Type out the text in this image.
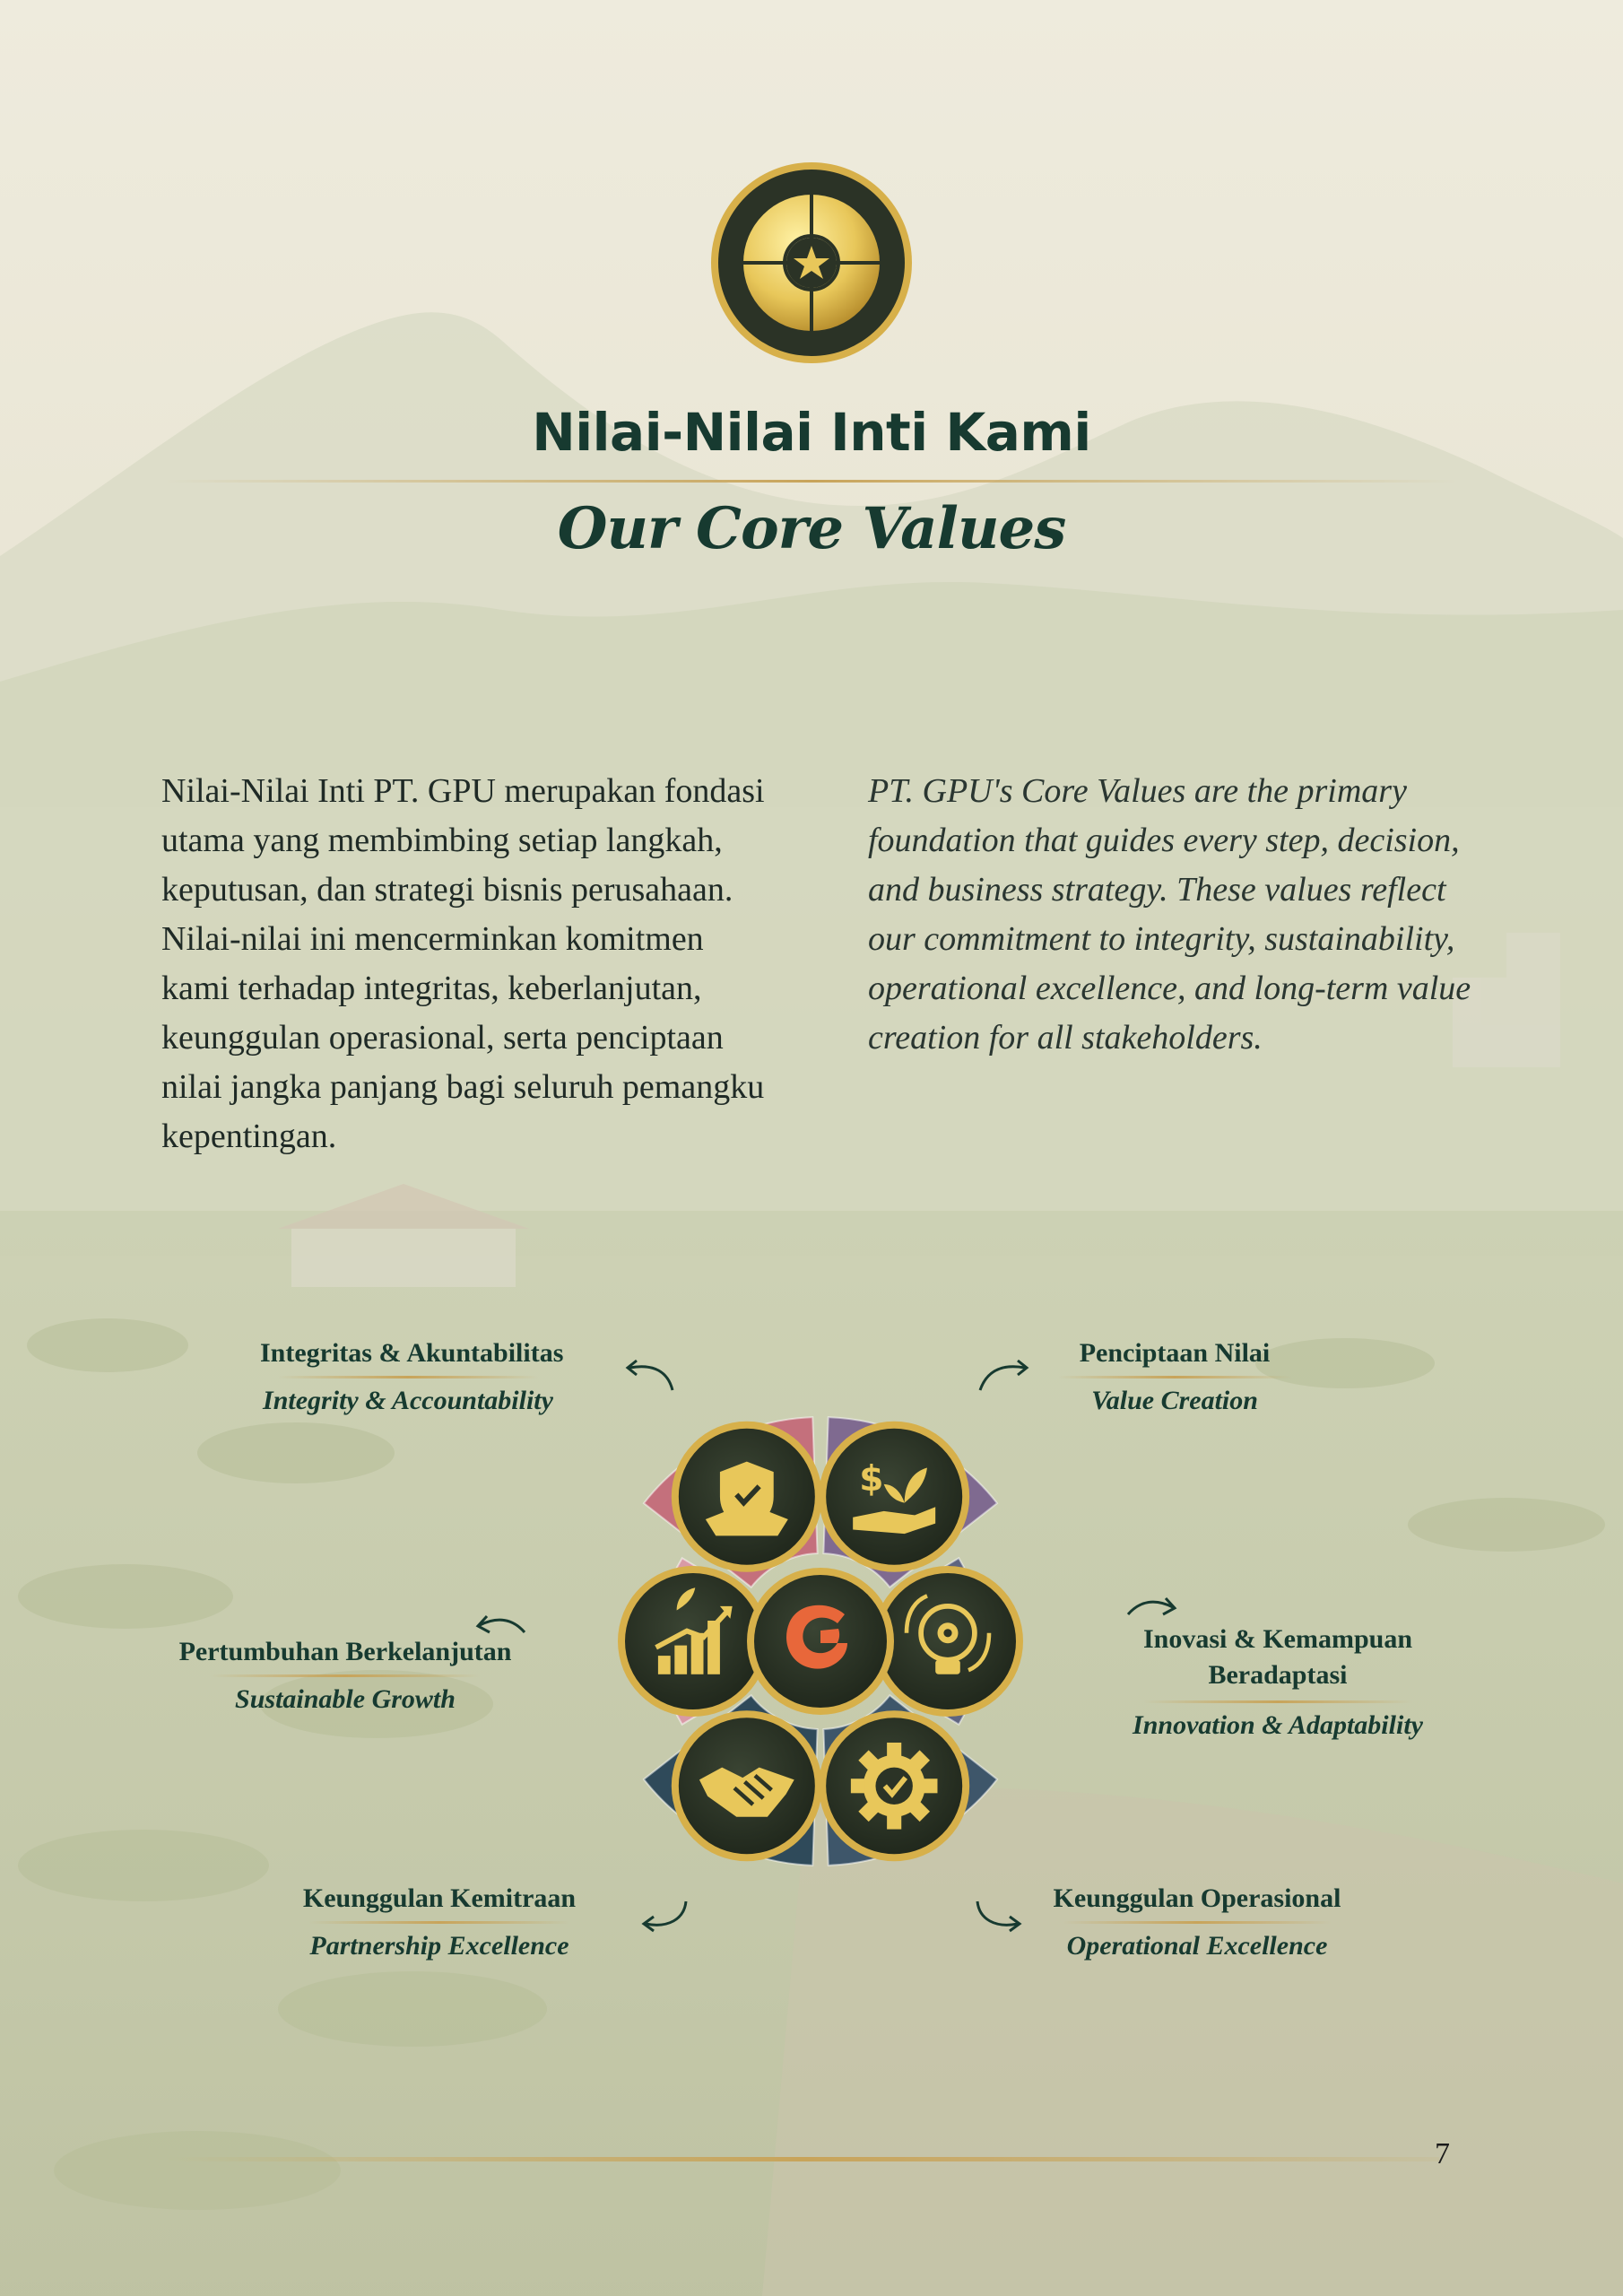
Nilai-Nilai Inti Kami
Our Core Values
Nilai-Nilai Inti PT. GPU merupakan fondasi utama yang membimbing setiap langkah, keputusan, dan strategi bisnis perusahaan. Nilai-nilai ini mencerminkan komitmen kami terhadap integritas, keberlanjutan, keunggulan operasional, serta penciptaan nilai jangka panjang bagi seluruh pemangku kepentingan.
PT. GPU's Core Values are the primary foundation that guides every step, decision, and business strategy. These values reflect our commitment to integrity, sustainability, operational excellence, and long-term value creation for all stakeholders.
$
Integritas & Akuntabilitas
Integrity & Accountability
Penciptaan Nilai
Value Creation
Inovasi & Kemampuan Beradaptasi
Innovation & Adaptability
Keunggulan Operasional
Operational Excellence
Keunggulan Kemitraan
Partnership Excellence
Pertumbuhan Berkelanjutan
Sustainable Growth
7
